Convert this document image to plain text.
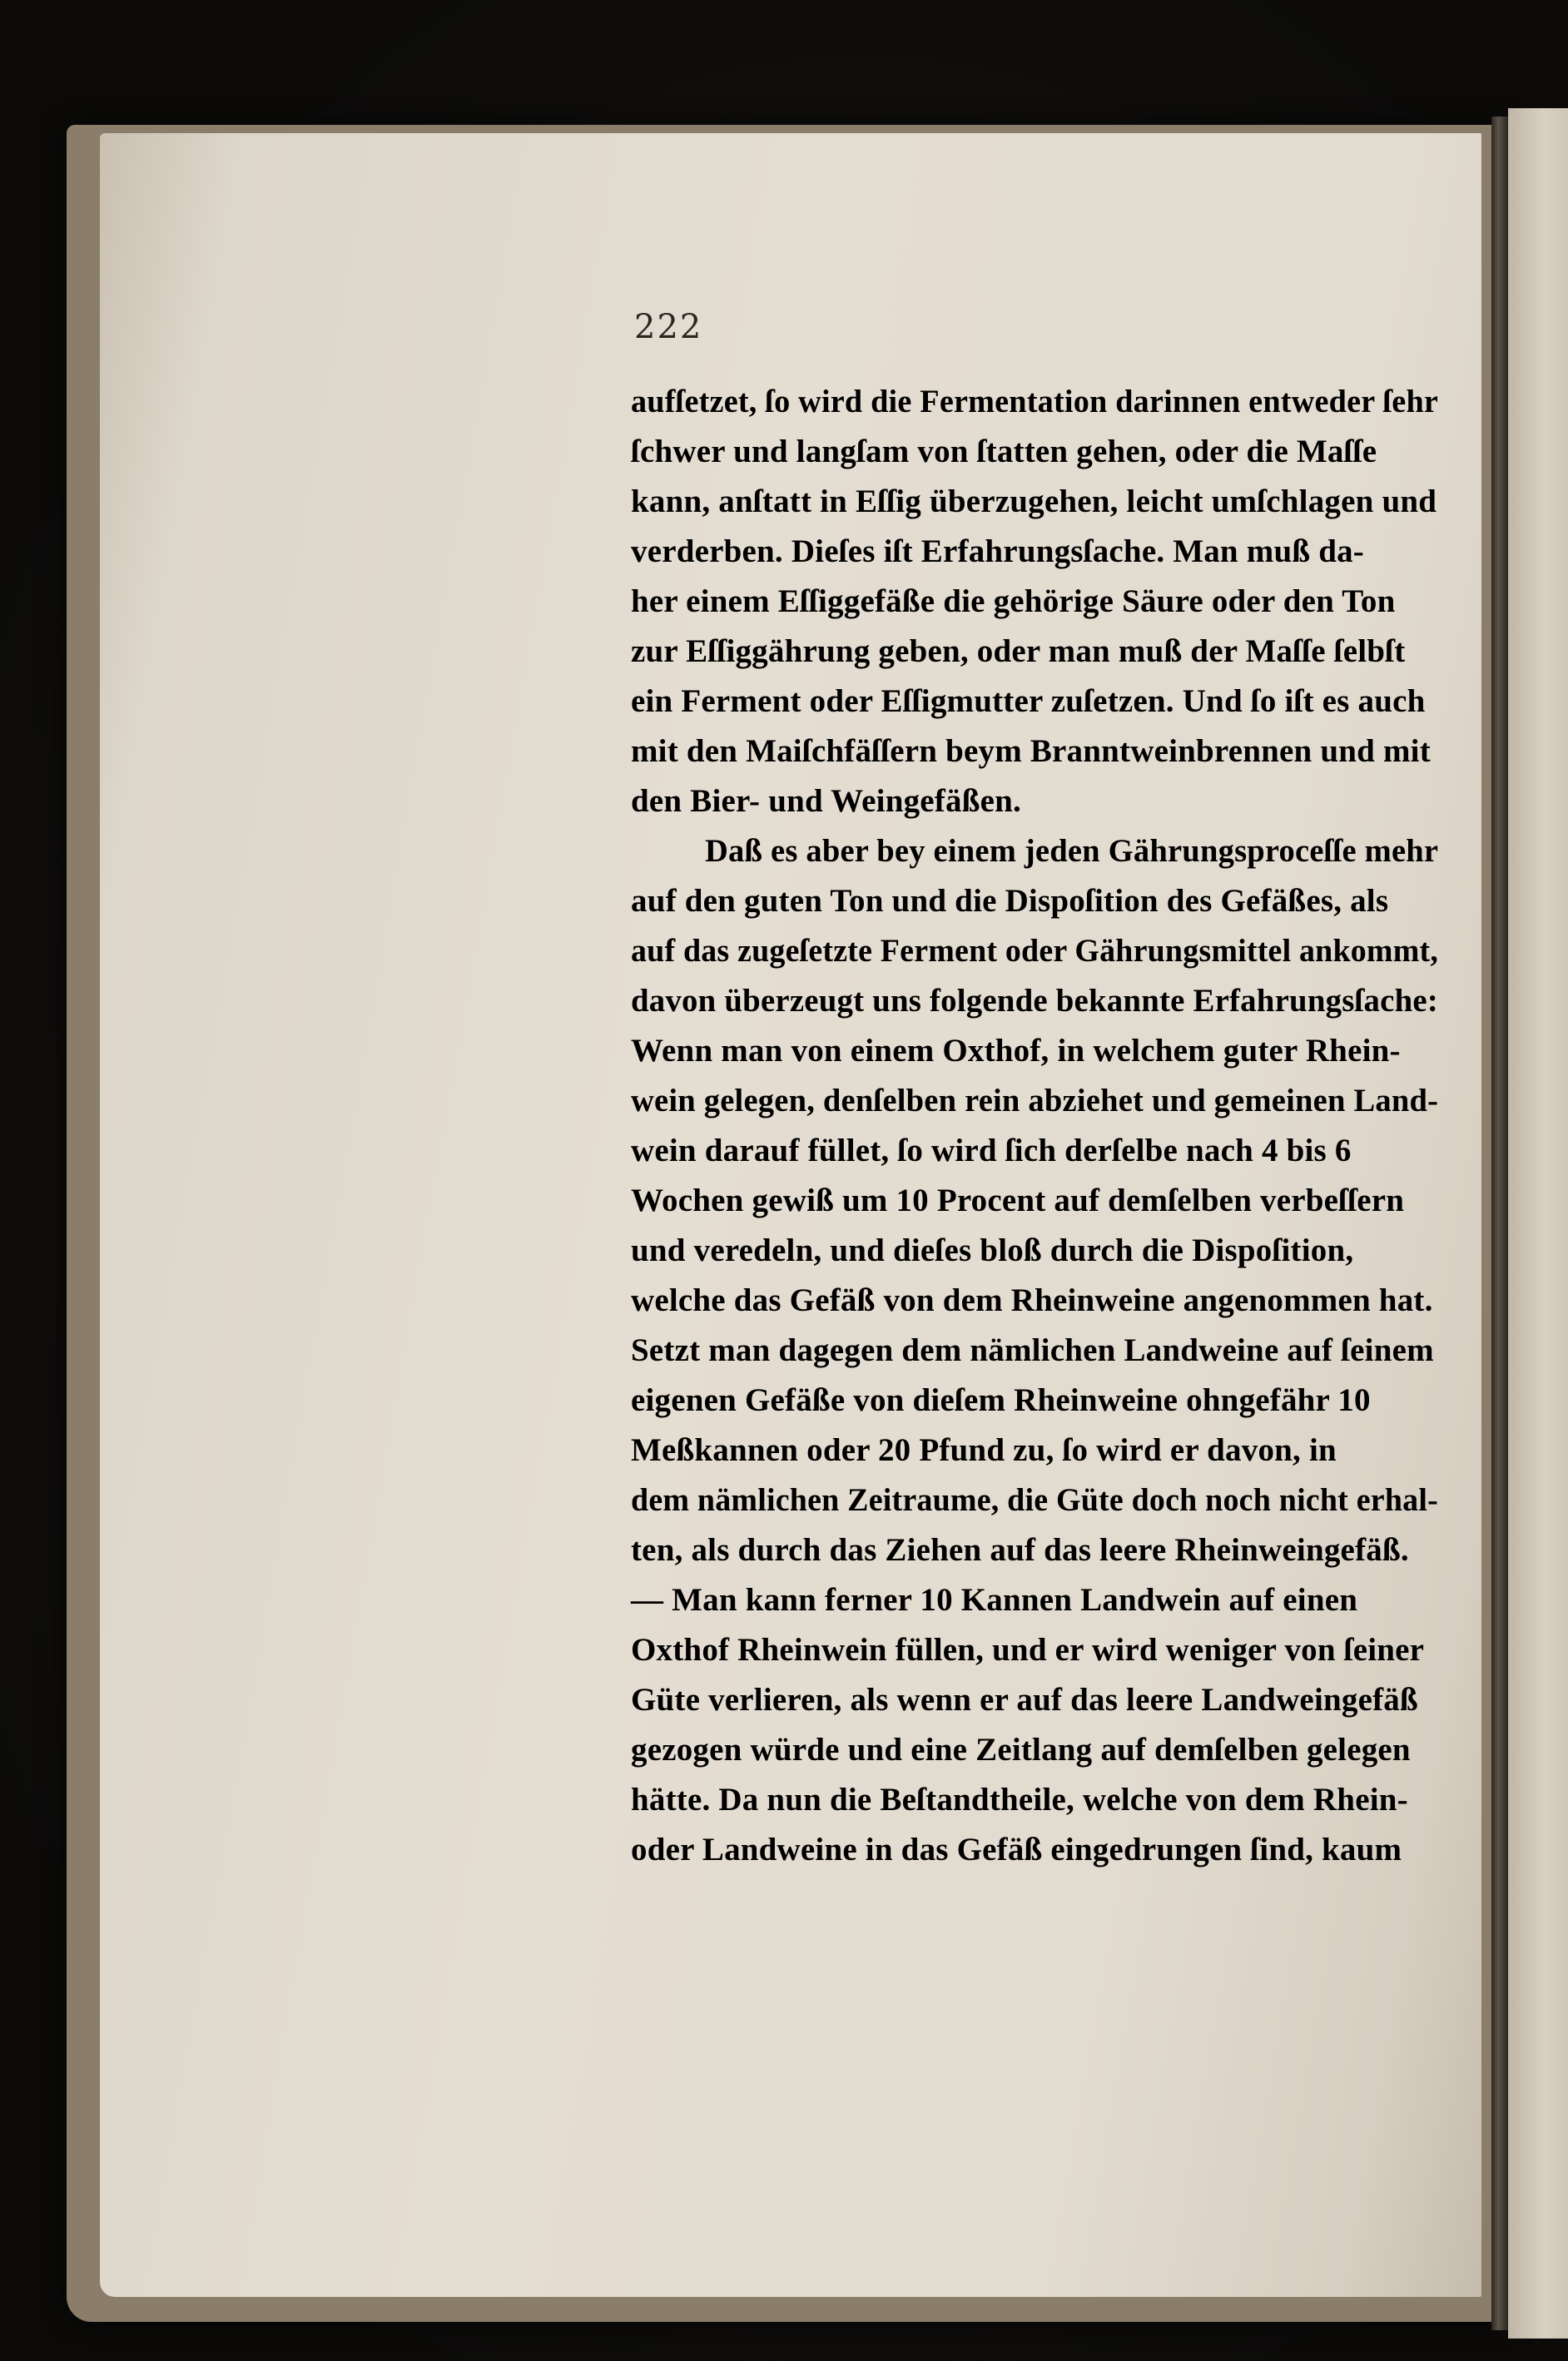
222
aufſetzet, ſo wird die Fermentation darinnen entweder ſehr
ſchwer und langſam von ſtatten gehen, oder die Maſſe
kann, anſtatt in Eſſig überzugehen, leicht umſchlagen und
verderben. Dieſes iſt Erfahrungsſache. Man muß da-
her einem Eſſiggefäße die gehörige Säure oder den Ton
zur Eſſiggährung geben, oder man muß der Maſſe ſelbſt
ein Ferment oder Eſſigmutter zuſetzen. Und ſo iſt es auch
mit den Maiſchfäſſern beym Branntweinbrennen und mit
den Bier- und Weingefäßen.
Daß es aber bey einem jeden Gährungsproceſſe mehr
auf den guten Ton und die Dispoſition des Gefäßes, als
auf das zugeſetzte Ferment oder Gährungsmittel ankommt,
davon überzeugt uns folgende bekannte Erfahrungsſache:
Wenn man von einem Oxthof, in welchem guter Rhein-
wein gelegen, denſelben rein abziehet und gemeinen Land-
wein darauf füllet, ſo wird ſich derſelbe nach 4 bis 6
Wochen gewiß um 10 Procent auf demſelben verbeſſern
und veredeln, und dieſes bloß durch die Dispoſition,
welche das Gefäß von dem Rheinweine angenommen hat.
Setzt man dagegen dem nämlichen Landweine auf ſeinem
eigenen Gefäße von dieſem Rheinweine ohngefähr 10
Meßkannen oder 20 Pfund zu, ſo wird er davon, in
dem nämlichen Zeitraume, die Güte doch noch nicht erhal-
ten, als durch das Ziehen auf das leere Rheinweingefäß.
— Man kann ferner 10 Kannen Landwein auf einen
Oxthof Rheinwein füllen, und er wird weniger von ſeiner
Güte verlieren, als wenn er auf das leere Landweingefäß
gezogen würde und eine Zeitlang auf demſelben gelegen
hätte. Da nun die Beſtandtheile, welche von dem Rhein-
oder Landweine in das Gefäß eingedrungen ſind, kaum
